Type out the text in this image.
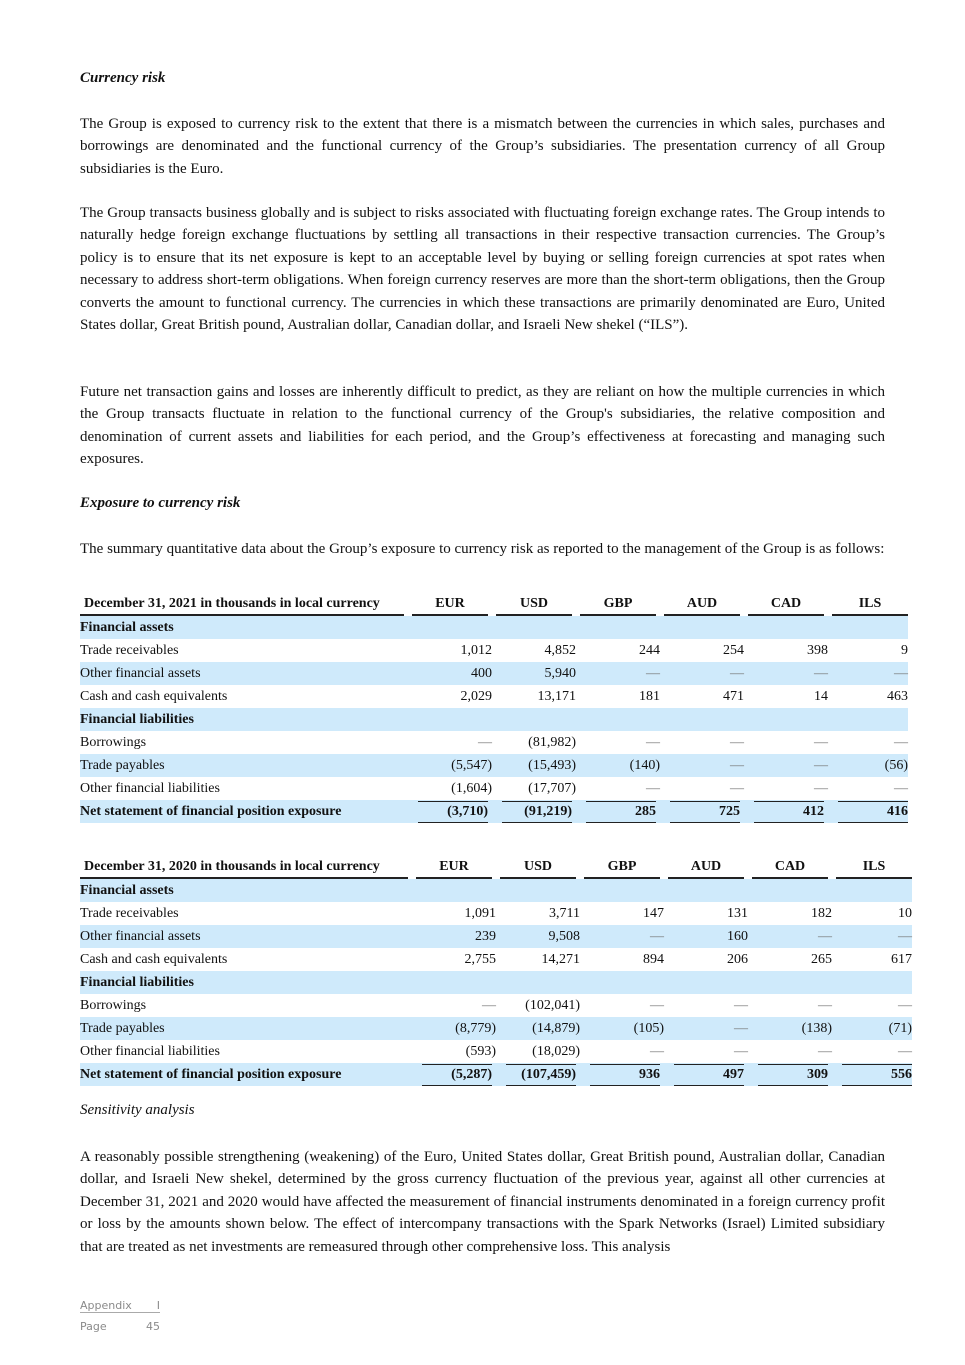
Currency risk
The Group is exposed to currency risk to the extent that there is a mismatch between the currencies in which sales, purchases and borrowings are denominated and the functional currency of the Group’s subsidiaries. The presentation currency of all Group subsidiaries is the Euro.
The Group transacts business globally and is subject to risks associated with fluctuating foreign exchange rates. The Group intends to naturally hedge foreign exchange fluctuations by settling all transactions in their respective transaction currencies. The Group’s policy is to ensure that its net exposure is kept to an acceptable level by buying or selling foreign currencies at spot rates when necessary to address short-term obligations. When foreign currency reserves are more than the short-term obligations, then the Group converts the amount to functional currency. The currencies in which these transactions are primarily denominated are Euro, United States dollar, Great British pound, Australian dollar, Canadian dollar, and Israeli New shekel (“ILS”).
Future net transaction gains and losses are inherently difficult to predict, as they are reliant on how the multiple currencies in which the Group transacts fluctuate in relation to the functional currency of the Group's subsidiaries, the relative composition and denomination of current assets and liabilities for each period, and the Group’s effectiveness at forecasting and managing such exposures.
Exposure to currency risk
The summary quantitative data about the Group’s exposure to currency risk as reported to the management of the Group is as follows:
December 31, 2021 in thousands in local currency	EUR	USD	GBP	AUD	CAD	ILS

Financial assets						
Trade receivables	1,012	4,852	244	254	398	9
Other financial assets	400	5,940	—	—	—	—
Cash and cash equivalents	2,029	13,171	181	471	14	463
Financial liabilities						
Borrowings	—	(81,982)	—	—	—	—
Trade payables	(5,547)	(15,493)	(140)	—	—	(56)
Other financial liabilities	(1,604)	(17,707)	—	—	—	—
Net statement of financial position exposure	(3,710)	(91,219)	285	725	412	416
December 31, 2020 in thousands in local currency	EUR	USD	GBP	AUD	CAD	ILS

Financial assets						
Trade receivables	1,091	3,711	147	131	182	10
Other financial assets	239	9,508	—	160	—	—
Cash and cash equivalents	2,755	14,271	894	206	265	617
Financial liabilities						
Borrowings	—	(102,041)	—	—	—	—
Trade payables	(8,779)	(14,879)	(105)	—	(138)	(71)
Other financial liabilities	(593)	(18,029)	—	—	—	—
Net statement of financial position exposure	(5,287)	(107,459)	936	497	309	556
Sensitivity analysis
A reasonably possible strengthening (weakening) of the Euro, United States dollar, Great British pound, Australian dollar, Canadian dollar, and Israeli New shekel, determined by the gross currency fluctuation of the previous year, against all other currencies at December 31, 2021 and 2020 would have affected the measurement of financial instruments denominated in a foreign currency profit or loss by the amounts shown below. The effect of intercompany transactions with the Spark Networks (Israel) Limited subsidiary that are treated as net investments are remeasured through other comprehensive loss. This analysis
Appendix I
Page	45
